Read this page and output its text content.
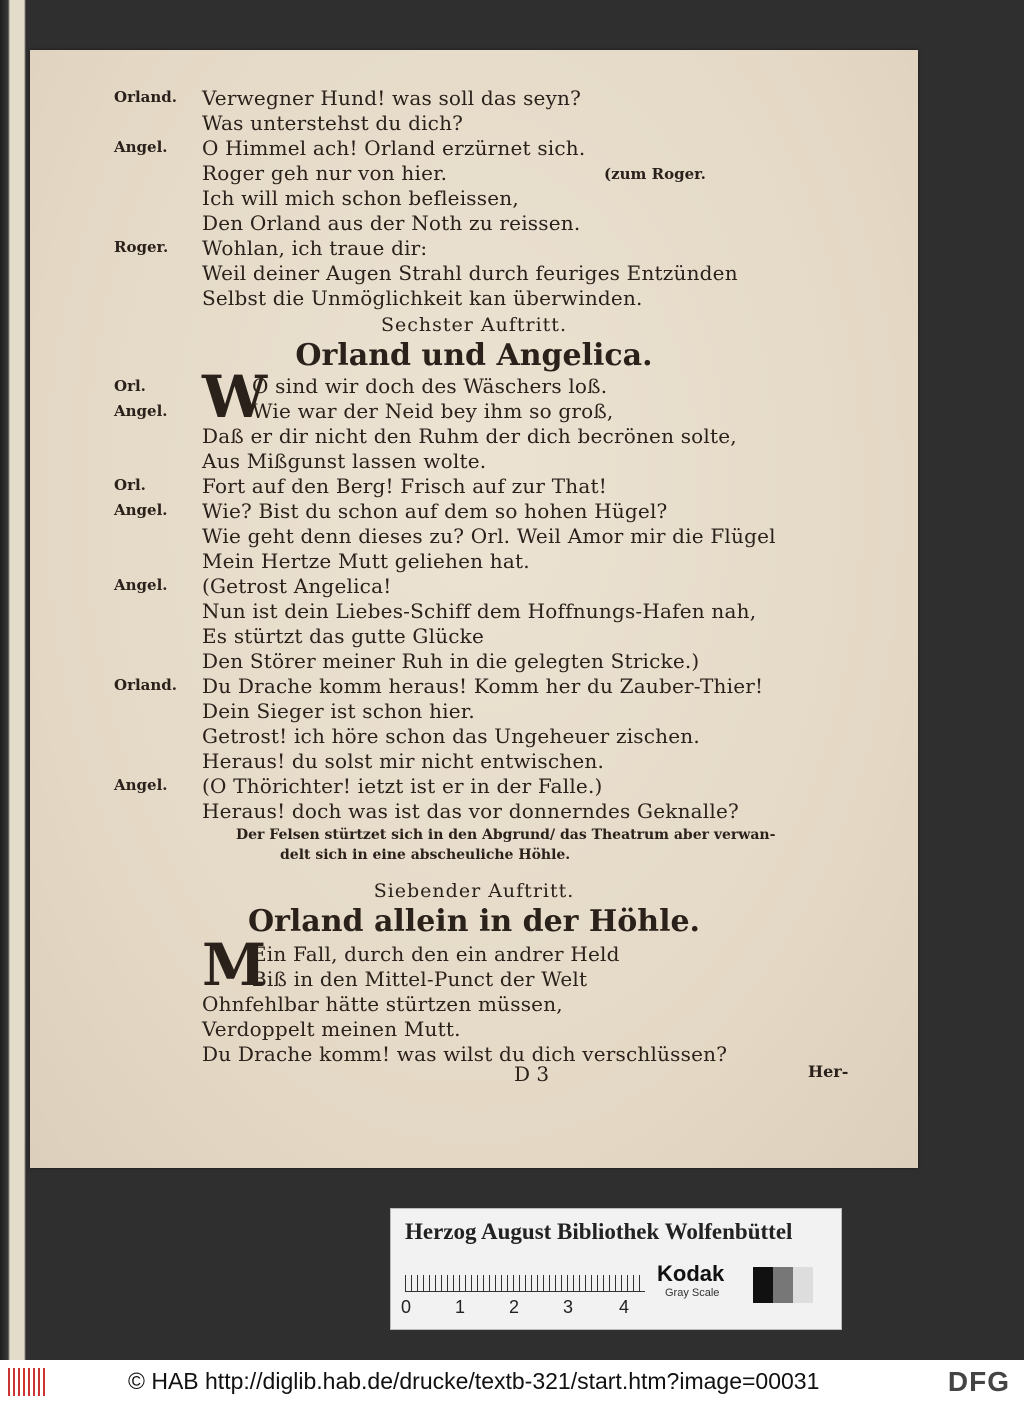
Orland. Verwegner Hund! was soll das seyn?
Was unterstehst du dich?
Angel. O Himmel ach! Orland erzürnet sich.
Roger geh nur von hier.	(zum Roger.
Ich will mich schon befleissen,
Den Orland aus der Noth zu reissen.
Roger. Wohlan, ich traue dir:
Weil deiner Augen Strahl durch feuriges Entzünden
Selbst die Unmöglichkeit kan überwinden.
Sechster Auftritt.
Orland und Angelica.
W
Orl.	O sind wir doch des Wäschers loß.
Angel.	Wie war der Neid bey ihm so groß,
Daß er dir nicht den Ruhm der dich becrönen solte,
Aus Mißgunst lassen wolte.
Orl.	Fort auf den Berg! Frisch auf zur That!
Angel. Wie? Bist du schon auf dem so hohen Hügel?
Wie geht denn dieses zu? Orl. Weil Amor mir die Flügel
Mein Hertze Mutt geliehen hat.
Angel. (Getrost Angelica!
Nun ist dein Liebes-Schiff dem Hoffnungs-Hafen nah,
Es stürtzt das gutte Glücke
Den Störer meiner Ruh in die gelegten Stricke.)
Orland. Du Drache komm heraus! Komm her du Zauber-Thier!
Dein Sieger ist schon hier.
Getrost! ich höre schon das Ungeheuer zischen.
Heraus! du solst mir nicht entwischen.
Angel. (O Thörichter! ietzt ist er in der Falle.)
Heraus! doch was ist das vor donnerndes Geknalle?
Der Felsen stürtzet sich in den Abgrund/ das Theatrum aber verwan-
delt sich in eine abscheuliche Höhle.
Siebender Auftritt.
Orland allein in der Höhle.
M
Ein Fall, durch den ein andrer Held
Biß in den Mittel-Punct der Welt
Ohnfehlbar hätte stürtzen müssen,
Verdoppelt meinen Mutt.
Du Drache komm! was wilst du dich verschlüssen?
D 3	Her-
Herzog August Bibliothek Wolfenbüttel
0 1 2 3	4
Kodak
Gray Scale
© HAB http://diglib.hab.de/drucke/textb-321/start.htm?image=00031	DFG
